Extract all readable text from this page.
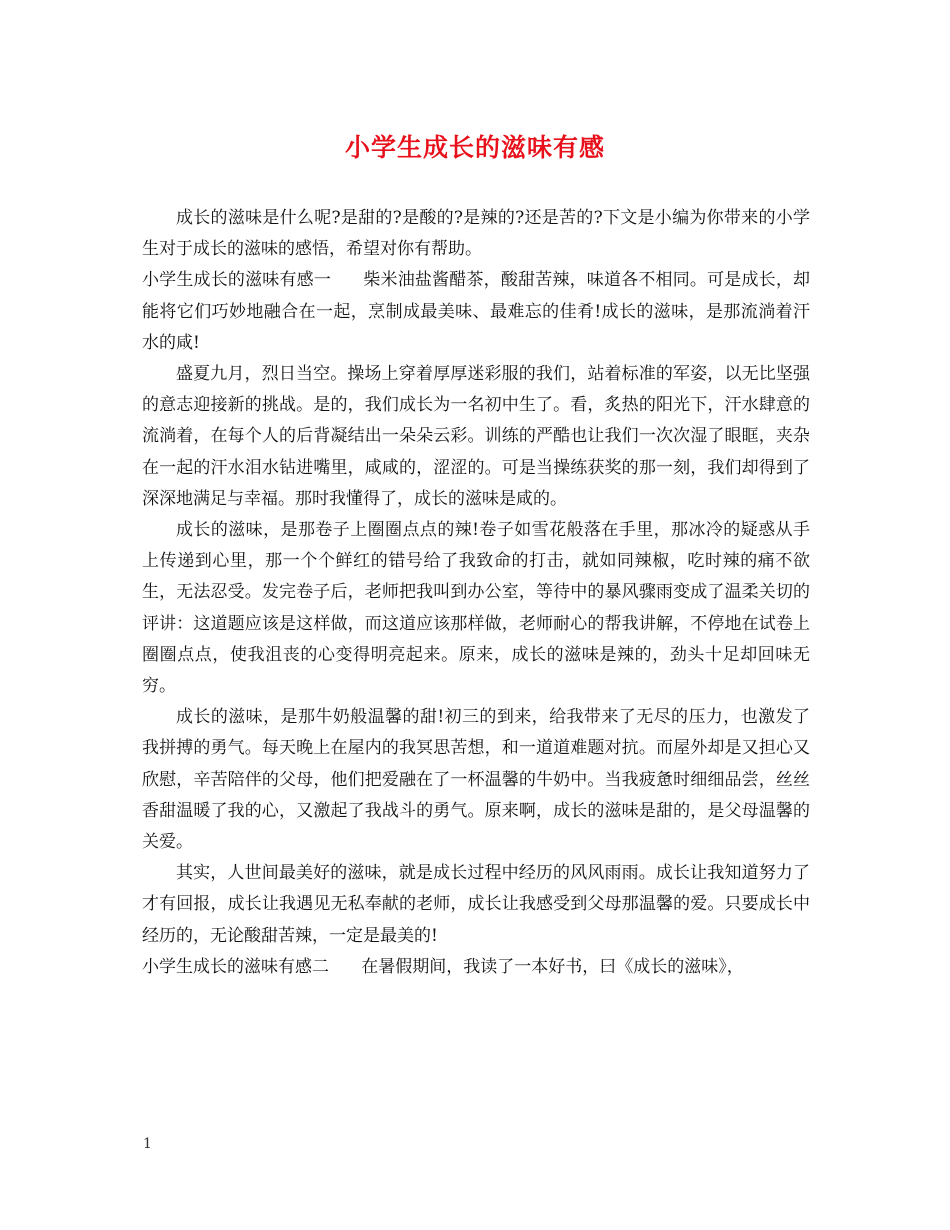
小学生成长的滋味有感

成长的滋味是什么呢?是甜的?是酸的?是辣的?还是苦的?下文是小编为你带来的小学生对于成长的滋味的感悟，希望对你有帮助。

小学生成长的滋味有感一 柴米油盐酱醋茶，酸甜苦辣，味道各不相同。可是成长，却能将它们巧妙地融合在一起，烹制成最美味、最难忘的佳肴!成长的滋味，是那流淌着汗水的咸!

盛夏九月，烈日当空。操场上穿着厚厚迷彩服的我们，站着标准的军姿，以无比坚强的意志迎接新的挑战。是的，我们成长为一名初中生了。看，炙热的阳光下，汗水肆意的流淌着，在每个人的后背凝结出一朵朵云彩。训练的严酷也让我们一次次湿了眼眶，夹杂在一起的汗水泪水钻进嘴里，咸咸的，涩涩的。可是当操练获奖的那一刻，我们却得到了深深地满足与幸福。那时我懂得了，成长的滋味是咸的。

成长的滋味，是那卷子上圈圈点点的辣!卷子如雪花般落在手里，那冰冷的疑惑从手上传递到心里，那一个个鲜红的错号给了我致命的打击，就如同辣椒，吃时辣的痛不欲生，无法忍受。发完卷子后，老师把我叫到办公室，等待中的暴风骤雨变成了温柔关切的评讲：这道题应该是这样做，而这道应该那样做，老师耐心的帮我讲解，不停地在试卷上圈圈点点，使我沮丧的心变得明亮起来。原来，成长的滋味是辣的，劲头十足却回味无穷。

成长的滋味，是那牛奶般温馨的甜!初三的到来，给我带来了无尽的压力，也激发了我拼搏的勇气。每天晚上在屋内的我冥思苦想，和一道道难题对抗。而屋外却是又担心又欣慰，辛苦陪伴的父母，他们把爱融在了一杯温馨的牛奶中。当我疲惫时细细品尝，丝丝香甜温暖了我的心，又激起了我战斗的勇气。原来啊，成长的滋味是甜的，是父母温馨的关爱。

其实，人世间最美好的滋味，就是成长过程中经历的风风雨雨。成长让我知道努力了才有回报，成长让我遇见无私奉献的老师，成长让我感受到父母那温馨的爱。只要成长中经历的，无论酸甜苦辣，一定是最美的!

小学生成长的滋味有感二 在暑假期间，我读了一本好书，曰《成长的滋味》，

1
